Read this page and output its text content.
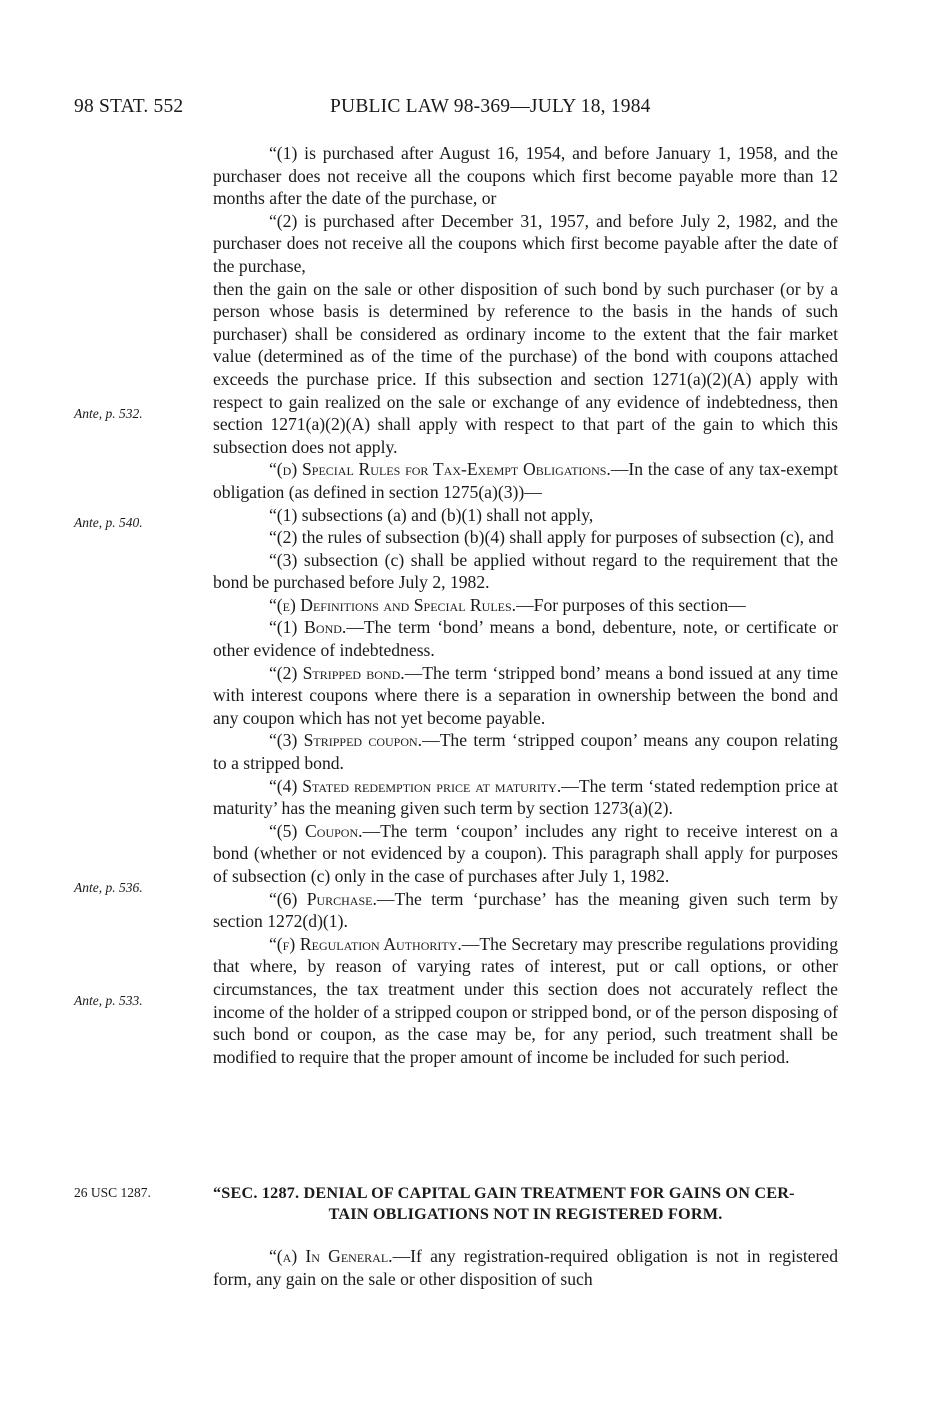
98 STAT. 552	PUBLIC LAW 98-369—JULY 18, 1984
Ante, p. 532.
Ante, p. 540.
Ante, p. 536.
Ante, p. 533.
26 USC 1287.

“(1) is purchased after August 16, 1954, and before January 1, 1958, and the purchaser does not receive all the coupons which first become payable more than 12 months after the date of the purchase, or

“(2) is purchased after December 31, 1957, and before July 2, 1982, and the purchaser does not receive all the coupons which first become payable after the date of the purchase,

then the gain on the sale or other disposition of such bond by such purchaser (or by a person whose basis is determined by reference to the basis in the hands of such purchaser) shall be considered as ordinary income to the extent that the fair market value (determined as of the time of the purchase) of the bond with coupons attached exceeds the purchase price. If this subsection and section 1271(a)(2)(A) apply with respect to gain realized on the sale or exchange of any evidence of indebtedness, then section 1271(a)(2)(A) shall apply with respect to that part of the gain to which this subsection does not apply.

“(d) Special Rules for Tax-Exempt Obligations.—In the case of any tax-exempt obligation (as defined in section 1275(a)(3))—

“(1) subsections (a) and (b)(1) shall not apply,

“(2) the rules of subsection (b)(4) shall apply for purposes of subsection (c), and

“(3) subsection (c) shall be applied without regard to the requirement that the bond be purchased before July 2, 1982.

“(e) Definitions and Special Rules.—For purposes of this section—

“(1) Bond.—The term ‘bond’ means a bond, debenture, note, or certificate or other evidence of indebtedness.

“(2) Stripped bond.—The term ‘stripped bond’ means a bond issued at any time with interest coupons where there is a separation in ownership between the bond and any coupon which has not yet become payable.

“(3) Stripped coupon.—The term ‘stripped coupon’ means any coupon relating to a stripped bond.

“(4) Stated redemption price at maturity.—The term ‘stated redemption price at maturity’ has the meaning given such term by section 1273(a)(2).

“(5) Coupon.—The term ‘coupon’ includes any right to receive interest on a bond (whether or not evidenced by a coupon). This paragraph shall apply for purposes of subsection (c) only in the case of purchases after July 1, 1982.

“(6) Purchase.—The term ‘purchase’ has the meaning given such term by section 1272(d)(1).

“(f) Regulation Authority.—The Secretary may prescribe regulations providing that where, by reason of varying rates of interest, put or call options, or other circumstances, the tax treatment under this section does not accurately reflect the income of the holder of a stripped coupon or stripped bond, or of the person disposing of such bond or coupon, as the case may be, for any period, such treatment shall be modified to require that the proper amount of income be included for such period.

“SEC. 1287. DENIAL OF CAPITAL GAIN TREATMENT FOR GAINS ON CER-
TAIN OBLIGATIONS NOT IN REGISTERED FORM.

“(a) In General.—If any registration-required obligation is not in registered form, any gain on the sale or other disposition of such
